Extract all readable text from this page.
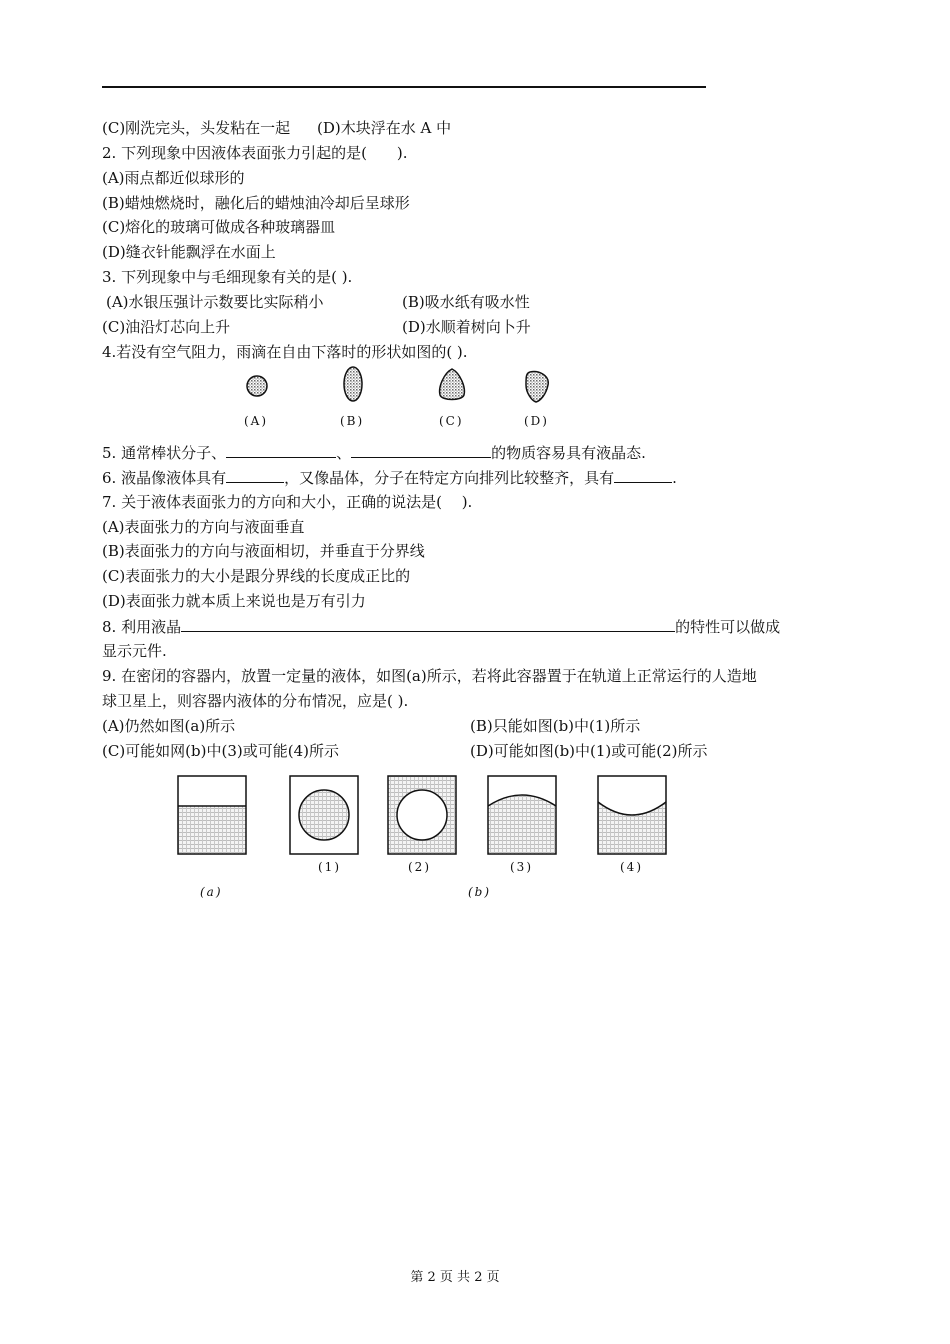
(C)刚洗完头，头发粘在一起 (D)木块浮在水 A 中
2. 下列现象中因液体表面张力引起的是(　　).
(A)雨点都近似球形的
(B)蜡烛燃烧时，融化后的蜡烛油冷却后呈球形
(C)熔化的玻璃可做成各种玻璃器皿
(D)缝衣针能飘浮在水面上
3. 下列现象中与毛细现象有关的是( ).
(A)水银压强计示数要比实际稍小	(B)吸水纸有吸水性
(C)油沿灯芯向上升	(D)水顺着树向卜升
4.若没有空气阻力，雨滴在自由下落时的形状如图的( ).
(A)	(B)	(C)	(D)
5. 通常棒状分子、	、	的物质容易具有液晶态.
6. 液晶像液体具有	，又像晶体，分子在特定方向排列比较整齐，具有	.
7. 关于液体表面张力的方向和大小，正确的说法是(　 ).
(A)表面张力的方向与液面垂直
(B)表面张力的方向与液面相切，并垂直于分界线
(C)表面张力的大小是跟分界线的长度成正比的
(D)表面张力就本质上来说也是万有引力
8. 利用液晶	的特性可以做成
显示元件.
9. 在密闭的容器内，放置一定量的液体，如图(a)所示，若将此容器置于在轨道上正常运行的人造地
球卫星上，则容器内液体的分布情况，应是( ).
(A)仍然如图(a)所示	(B)只能如图(b)中(1)所示
(C)可能如网(b)中(3)或可能(4)所示	(D)可能如图(b)中(1)或可能(2)所示
(1)	(2)	(3)	(4)
(a)	(b)
第 2 页 共 2 页
